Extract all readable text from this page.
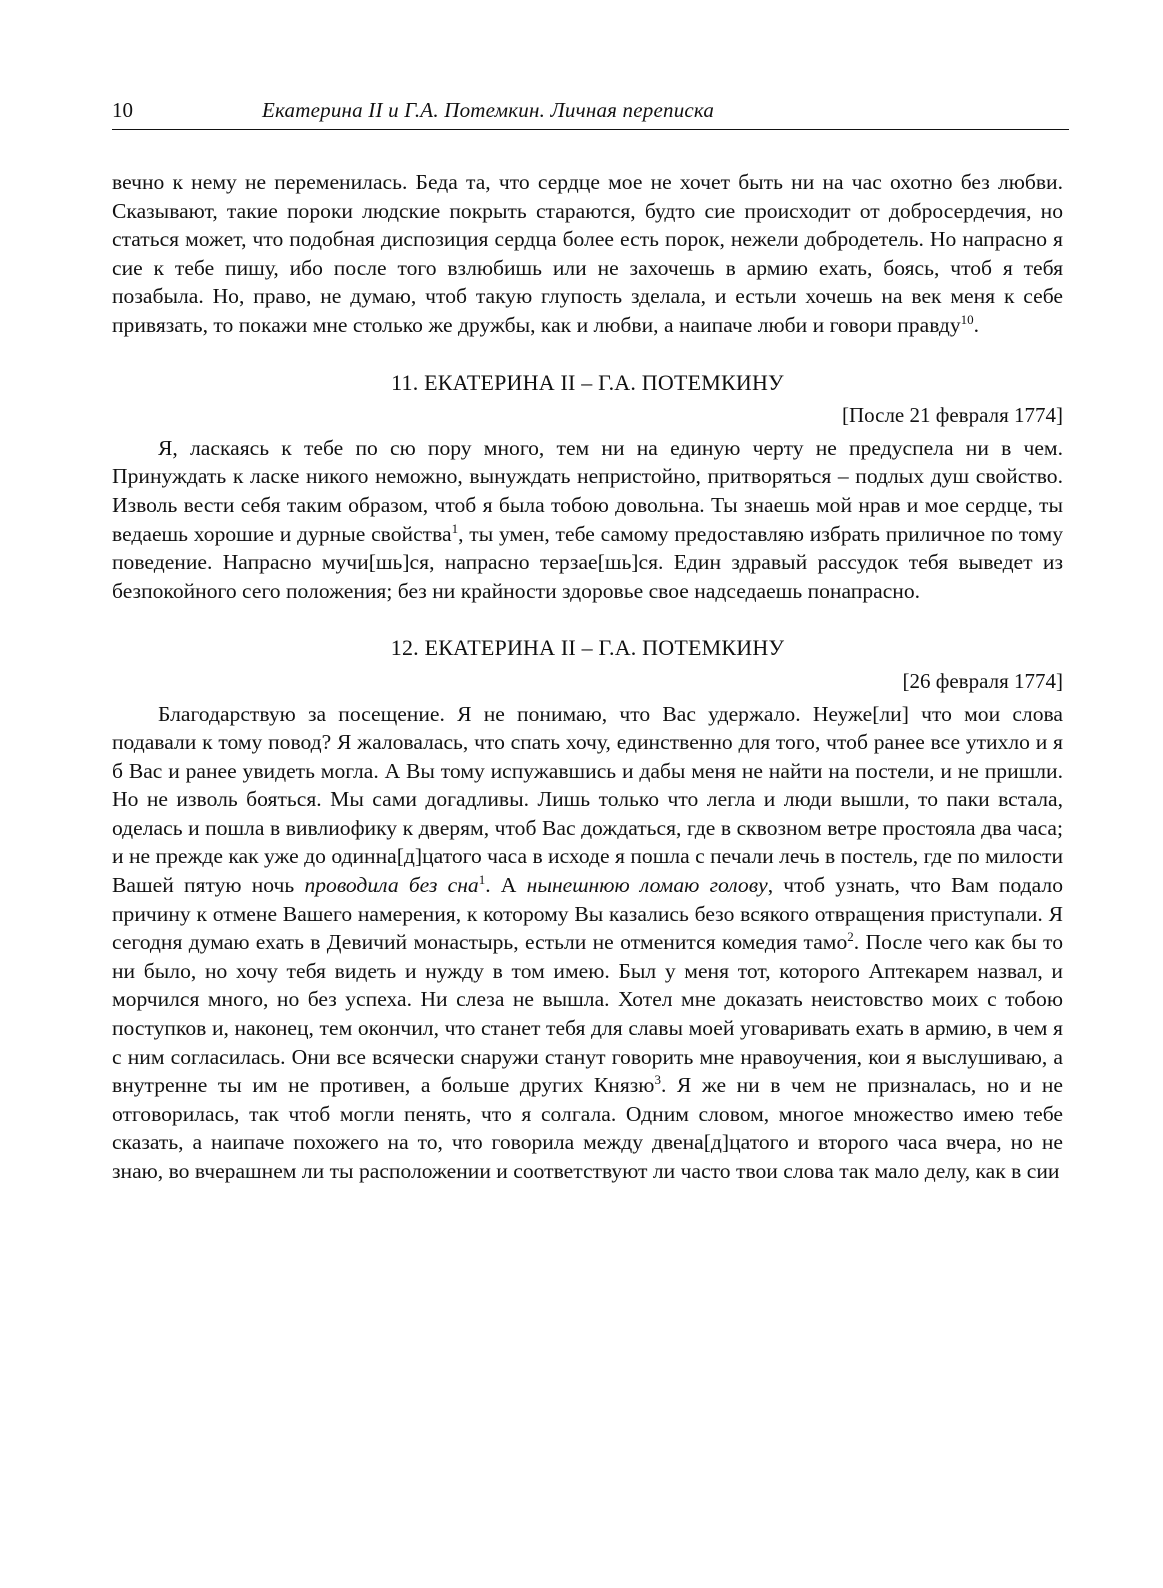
10	Екатерина II и Г.А. Потемкин. Личная переписка

вечно к нему не переменилась. Беда та, что сердце мое не хочет быть ни на час охотно без любви. Сказывают, такие пороки людские покрыть стараются, будто сие происходит от добросердечия, но статься может, что подобная диспозиция сердца более есть порок, нежели добродетель. Но напрасно я сие к тебе пишу, ибо после того взлюбишь или не захочешь в армию ехать, боясь, чтоб я тебя позабыла. Но, право, не думаю, чтоб такую глупость зделала, и естьли хочешь на век меня к себе привязать, то покажи мне столько же дружбы, как и любви, а наипаче люби и говори правду$^{10}$.

11. ЕКАТЕРИНА II – Г.А. ПОТЕМКИНУ
[После 21 февраля 1774]

Я, ласкаясь к тебе по сю пору много, тем ни на единую черту не предуспела ни в чем. Принуждать к ласке никого неможно, вынуждать непристойно, притворяться – подлых душ свойство. Изволь вести себя таким образом, чтоб я была тобою довольна. Ты знаешь мой нрав и мое сердце, ты ведаешь хорошие и дурные свойства$^1$, ты умен, тебе самому предоставляю избрать приличное по тому поведение. Напрасно мучи[шь]ся, напрасно терзае[шь]ся. Един здравый рассудок тебя выведет из безпокойного сего положения; без ни крайности здоровье свое надседаешь понапрасно.

12. ЕКАТЕРИНА II – Г.А. ПОТЕМКИНУ
[26 февраля 1774]

Благодарствую за посещение. Я не понимаю, что Вас удержало. Неуже[ли] что мои слова подавали к тому повод? Я жаловалась, что спать хочу, единственно для того, чтоб ранее все утихло и я б Вас и ранее увидеть могла. А Вы тому испужавшись и дабы меня не найти на постели, и не пришли. Но не изволь бояться. Мы сами догадливы. Лишь только что легла и люди вышли, то паки встала, оделась и пошла в вивлиофику к дверям, чтоб Вас дождаться, где в сквозном ветре простояла два часа; и не прежде как уже до одинна[д]цатого часа в исходе я пошла с печали лечь в постель, где по милости Вашей пятую ночь проводила без сна$^1$. А нынешнюю ломаю голову, чтоб узнать, что Вам подало причину к отмене Вашего намерения, к которому Вы казались безо всякого отвращения приступали. Я сегодня думаю ехать в Девичий монастырь, естьли не отменится комедия тамо$^2$. После чего как бы то ни было, но хочу тебя видеть и нужду в том имею. Был у меня тот, которого Аптекарем назвал, и морчился много, но без успеха. Ни слеза не вышла. Хотел мне доказать неистовство моих с тобою поступков и, наконец, тем окончил, что станет тебя для славы моей уговаривать ехать в армию, в чем я с ним согласилась. Они все всячески снаружи станут говорить мне нравоучения, кои я выслушиваю, а внутренне ты им не противен, а больше других Князю$^3$. Я же ни в чем не призналась, но и не отговорилась, так чтоб могли пенять, что я солгала. Одним словом, многое множество имею тебе сказать, а наипаче похожего на то, что говорила между двена[д]цатого и второго часа вчера, но не знаю, во вчерашнем ли ты расположении и соответствуют ли часто твои слова так мало делу, как в сии
